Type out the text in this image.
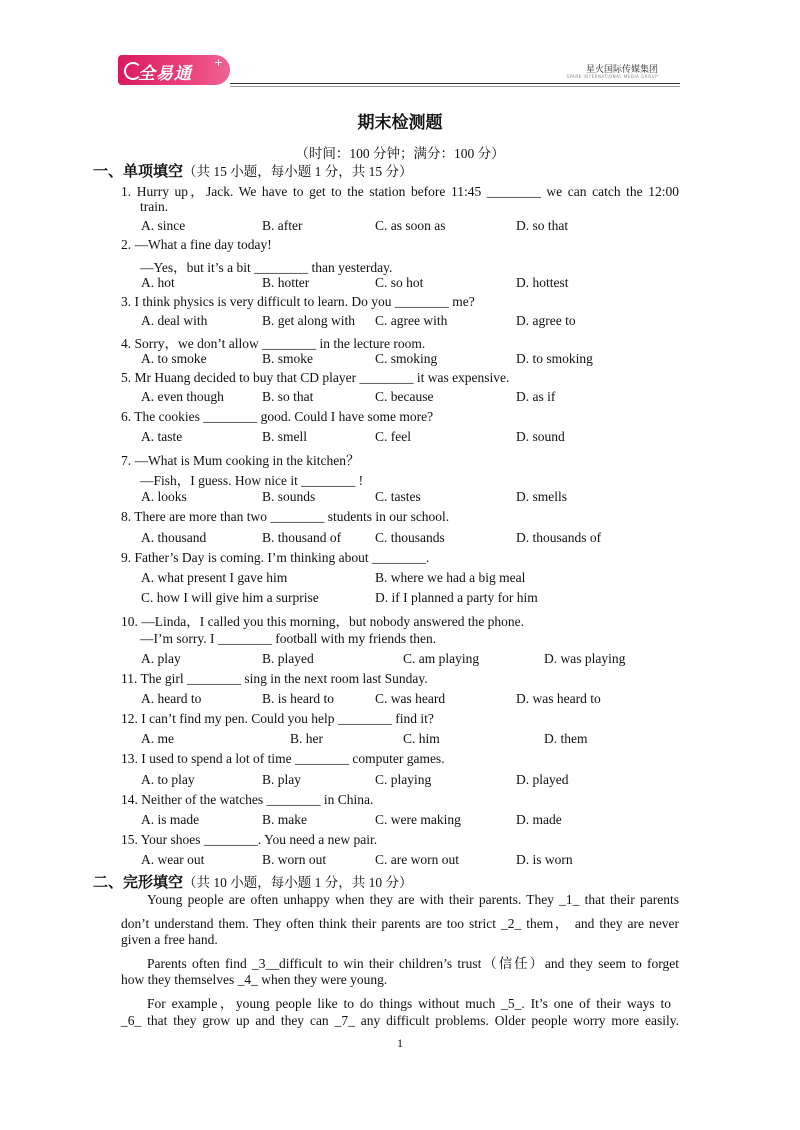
全易通
+
星火国际传媒集团
SPARK INTERNATIONAL MEDIA GROUP
期末检测题
（时间：100 分钟；满分：100 分）
一、单项填空（共 15 小题，每小题 1 分，共 15 分）
1. Hurry up，Jack. We have to get to the station before 11:45 ________ we can catch the 12:00
train.
A. since	B. after	C. as soon as	D. so that
2. —What a fine day today!
—Yes，but it’s a bit ________ than yesterday.
A. hot	B. hotter	C. so hot	D. hottest
3. I think physics is very difficult to learn. Do you ________ me?
A. deal with	B. get along with C. agree with	D. agree to
4. Sorry，we don’t allow ________ in the lecture room.
A. to smoke	B. smoke	C. smoking	D. to smoking
5. Mr Huang decided to buy that CD player ________ it was expensive.
A. even though	B. so that	C. because	D. as if
6. The cookies ________ good. Could I have some more?
A. taste	B. smell	C. feel	D. sound
7. —What is Mum cooking in the kitchen？
—Fish，I guess. How nice it ________ !
A. looks	B. sounds	C. tastes	D. smells
8. There are more than two ________ students in our school.
A. thousand	B. thousand of	C. thousands	D. thousands of
9. Father’s Day is coming. I’m thinking about ________.
A. what present I gave him	B. where we had a big meal
C. how I will give him a surprise	D. if I planned a party for him
10. —Linda，I called you this morning，but nobody answered the phone.
—I’m sorry. I ________ football with my friends then.
A. play	B. played	C. am playing	D. was playing
11. The girl ________ sing in the next room last Sunday.
A. heard to	B. is heard to	C. was heard	D. was heard to
12. I can’t find my pen. Could you help ________ find it?
A. me	B. her	C. him	D. them
13. I used to spend a lot of time ________ computer games.
A. to play	B. play	C. playing	D. played
14. Neither of the watches ________ in China.
A. is made	B. make	C. were making	D. made
15. Your shoes ________. You need a new pair.
A. wear out	B. worn out	C. are worn out	D. is worn
二、完形填空（共 10 小题，每小题 1 分，共 10 分）
Young people are often unhappy when they are with their parents. They _1_ that their parents
don’t understand them. They often think their parents are too strict _2_ them， and they are never
given a free hand.
Parents often find _3__difficult to win their children’s trust（信任）and they seem to forget
how they themselves _4_ when they were young.
For example，young people like to do things without much _5_. It’s one of their ways to
_6_ that they grow up and they can _7_ any difficult problems. Older people worry more easily.
1
